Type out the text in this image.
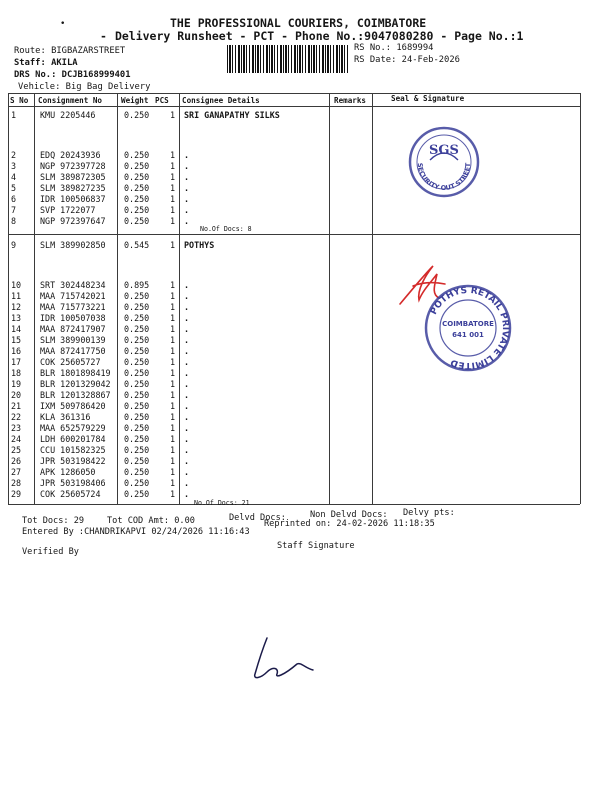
•	THE PROFESSIONAL COURIERS, COIMBATORE
- Delivery Runsheet - PCT - Phone No.:9047080280 - Page No.:1
Route: BIGBAZARSTREET
Staff: AKILA
DRS No.: DCJB168999401
Vehicle: Big Bag Delivery
RS No.: 1689994
RS Date: 24-Feb-2026
S No Consignment No Weight PCS Consignee Details	Remarks	Seal & Signature
1	KMU 2205446	0.250 1 SRI GANAPATHY SILKS
2	EDQ 20243936	0.250 1 .
3	NGP 972397728 0.250 1 .
4	SLM 389872305 0.250 1 .
5	SLM 389827235 0.250 1 .
6	IDR 100506837 0.250 1 .
7	SVP 1722077	0.250 1 .
8	NGP 972397647 0.250 1 .
No.Of Docs: 8
9	SLM 389902850 0.545 1 POTHYS
10 SRT 302448234 0.895 1 .
11 MAA 715742021 0.250 1 .
12 MAA 715773221 0.250 1 .
13 IDR 100507038 0.250 1 .
14 MAA 872417907 0.250 1 .
15 SLM 389900139 0.250 1 .
16 MAA 872417750 0.250 1 .
17 COK 25605727	0.250 1 .
18 BLR 1801898419 0.250 1 .
19 BLR 1201329042 0.250 1 .
20 BLR 1201328867 0.250 1 .
21 IXM 509786420 0.250 1 .
22 KLA 361316	0.250 1 .
23 MAA 652579229 0.250 1 .
24 LDH 600201784 0.250 1 .
25 CCU 101582325 0.250 1 .
26 JPR 503198422 0.250 1 .
27 APK 1286050	0.250 1 .
28 JPR 503198406 0.250 1 .
29 COK 25605724	0.250 1 .
No.Of Docs: 21
SGS
SECURITY OUT STREET
POTHYS RETAIL PRIVATE LIMITED
COIMBATORE
641 001
Tot Docs: 29	Tot COD Amt: 0.00	Delvd Docs:	Non Delvd Docs: Delvy pts:
Entered By :CHANDRIKAPVI 02/24/2026 11:16:43
Reprinted on: 24-02-2026 11:18:35
Verified By
Staff Signature
